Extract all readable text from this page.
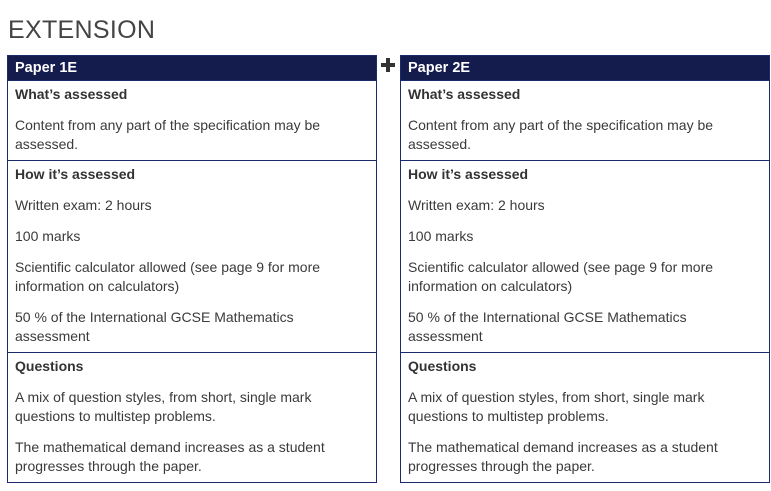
EXTENSION
Paper 1E
What’s assessed
Content from any part of the specification may be assessed.
How it’s assessed
Written exam: 2 hours
100 marks
Scientific calculator allowed (see page 9 for more information on calculators)
50 % of the International GCSE Mathematics assessment
Questions
A mix of question styles, from short, single mark questions to multistep problems.
The mathematical demand increases as a student progresses through the paper.
Paper 2E
What’s assessed
Content from any part of the specification may be assessed.
How it’s assessed
Written exam: 2 hours
100 marks
Scientific calculator allowed (see page 9 for more information on calculators)
50 % of the International GCSE Mathematics assessment
Questions
A mix of question styles, from short, single mark questions to multistep problems.
The mathematical demand increases as a student progresses through the paper.
